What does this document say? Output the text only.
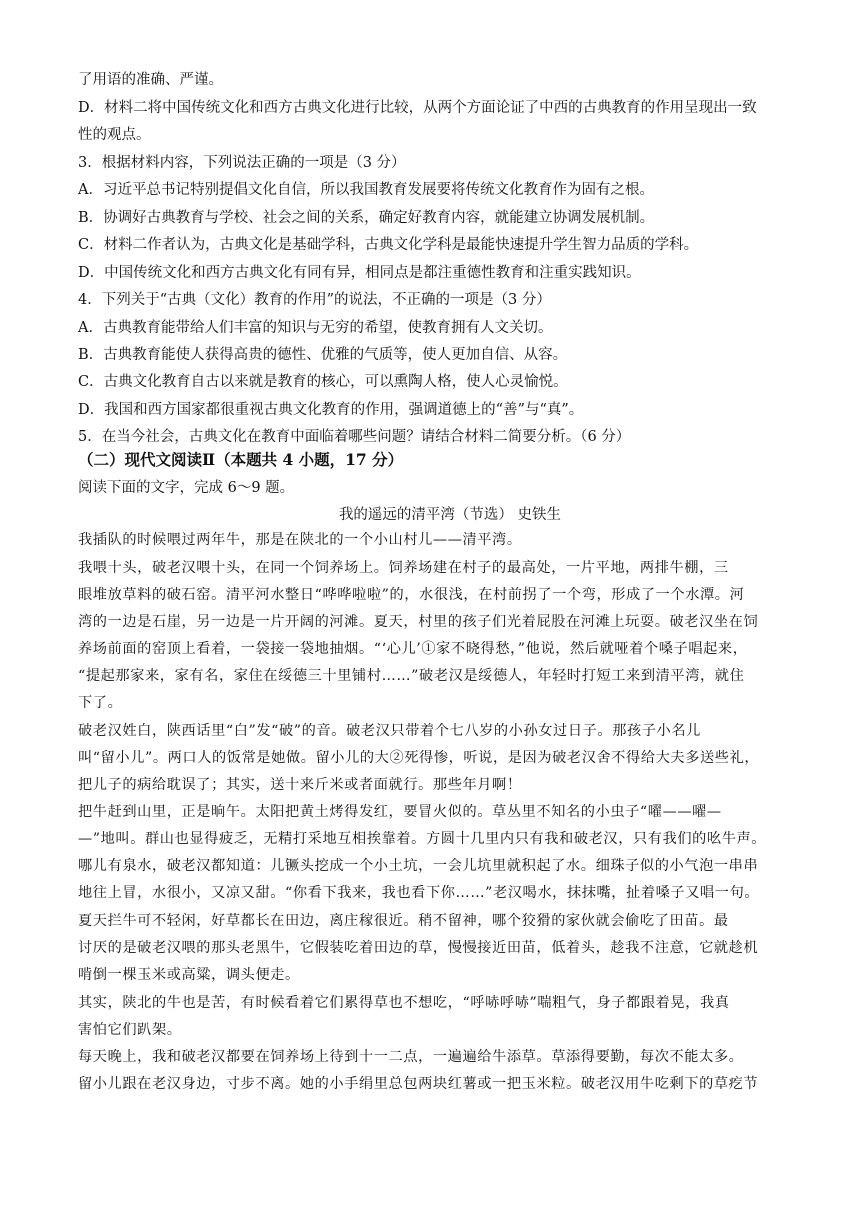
了用语的准确、严谨。
D．材料二将中国传统文化和西方古典文化进行比较，从两个方面论证了中西的古典教育的作用呈现出一致
性的观点。
3．根据材料内容，下列说法正确的一项是（3 分）
A．习近平总书记特别提倡文化自信，所以我国教育发展要将传统文化教育作为固有之根。
B．协调好古典教育与学校、社会之间的关系，确定好教育内容，就能建立协调发展机制。
C．材料二作者认为，古典文化是基础学科，古典文化学科是最能快速提升学生智力品质的学科。
D．中国传统文化和西方古典文化有同有异，相同点是都注重德性教育和注重实践知识。
4．下列关于“古典（文化）教育的作用”的说法，不正确的一项是（3 分）
A．古典教育能带给人们丰富的知识与无穷的希望，使教育拥有人文关切。
B．古典教育能使人获得高贵的德性、优雅的气质等，使人更加自信、从容。
C．古典文化教育自古以来就是教育的核心，可以熏陶人格，使人心灵愉悦。
D．我国和西方国家都很重视古典文化教育的作用，强调道德上的“善”与“真”。
5．在当今社会，古典文化在教育中面临着哪些问题？请结合材料二简要分析。（6 分）
（二）现代文阅读Ⅱ（本题共 4 小题，17 分）
阅读下面的文字，完成 6～9 题。
我的遥远的清平湾（节选） 史铁生
我插队的时候喂过两年牛，那是在陕北的一个小山村儿——清平湾。
我喂十头，破老汉喂十头，在同一个饲养场上。饲养场建在村子的最高处，一片平地，两排牛棚，三
眼堆放草料的破石窑。清平河水整日“哗哗啦啦”的，水很浅，在村前拐了一个弯，形成了一个水潭。河
湾的一边是石崖，另一边是一片开阔的河滩。夏天，村里的孩子们光着屁股在河滩上玩耍。破老汉坐在饲
养场前面的窑顶上看着，一袋接一袋地抽烟。“‘心儿’①家不晓得愁，”他说，然后就哑着个嗓子唱起来，
“提起那家来，家有名，家住在绥德三十里铺村……”破老汉是绥德人，年轻时打短工来到清平湾，就住
下了。
破老汉姓白，陕西话里“白”发“破”的音。破老汉只带着个七八岁的小孙女过日子。那孩子小名儿
叫“留小儿”。两口人的饭常是她做。留小儿的大②死得惨，听说，是因为破老汉舍不得给大夫多送些礼，
把儿子的病给耽误了；其实，送十来斤米或者面就行。那些年月啊！
把牛赶到山里，正是晌午。太阳把黄土烤得发红，要冒火似的。草丛里不知名的小虫子“嚁——嚁—
—”地叫。群山也显得疲乏，无精打采地互相挨靠着。方圆十几里内只有我和破老汉，只有我们的吆牛声。
哪儿有泉水，破老汉都知道：儿镢头挖成一个小土坑，一会儿坑里就积起了水。细珠子似的小气泡一串串
地往上冒，水很小，又凉又甜。“你看下我来，我也看下你……”老汉喝水，抹抹嘴，扯着嗓子又唱一句。
夏天拦牛可不轻闲，好草都长在田边，离庄稼很近。稍不留神，哪个狡猾的家伙就会偷吃了田苗。最
讨厌的是破老汉喂的那头老黑牛，它假装吃着田边的草，慢慢接近田苗，低着头，趁我不注意，它就趁机
啃倒一棵玉米或高粱，调头便走。
其实，陕北的牛也是苦，有时候看着它们累得草也不想吃，“呼哧呼哧”喘粗气，身子都跟着晃，我真
害怕它们趴架。
每天晚上，我和破老汉都要在饲养场上待到十一二点，一遍遍给牛添草。草添得要勤，每次不能太多。
留小儿跟在老汉身边，寸步不离。她的小手绢里总包两块红薯或一把玉米粒。破老汉用牛吃剩下的草疙节
